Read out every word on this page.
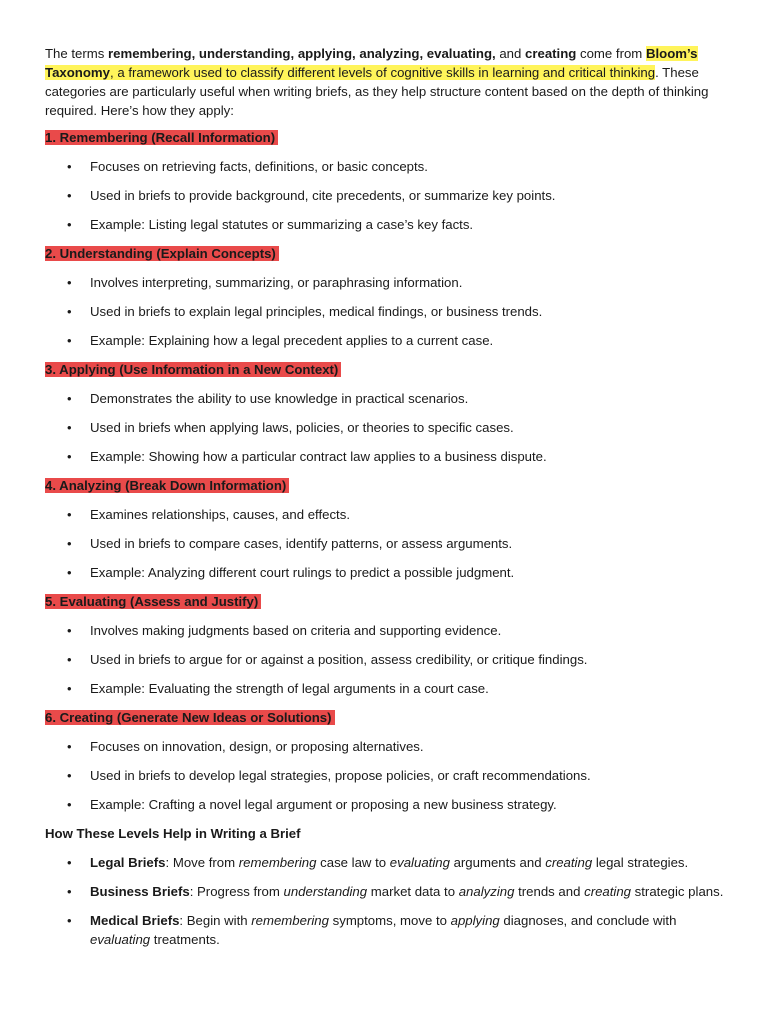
The terms remembering, understanding, applying, analyzing, evaluating, and creating come from Bloom’s Taxonomy, a framework used to classify different levels of cognitive skills in learning and critical thinking. These categories are particularly useful when writing briefs, as they help structure content based on the depth of thinking required. Here’s how they apply:

1. Remembering (Recall Information)

• Focuses on retrieving facts, definitions, or basic concepts.
• Used in briefs to provide background, cite precedents, or summarize key points.
• Example: Listing legal statutes or summarizing a case’s key facts.

2. Understanding (Explain Concepts)

• Involves interpreting, summarizing, or paraphrasing information.
• Used in briefs to explain legal principles, medical findings, or business trends.
• Example: Explaining how a legal precedent applies to a current case.

3. Applying (Use Information in a New Context)

• Demonstrates the ability to use knowledge in practical scenarios.
• Used in briefs when applying laws, policies, or theories to specific cases.
• Example: Showing how a particular contract law applies to a business dispute.

4. Analyzing (Break Down Information)

• Examines relationships, causes, and effects.
• Used in briefs to compare cases, identify patterns, or assess arguments.
• Example: Analyzing different court rulings to predict a possible judgment.

5. Evaluating (Assess and Justify)

• Involves making judgments based on criteria and supporting evidence.
• Used in briefs to argue for or against a position, assess credibility, or critique findings.
• Example: Evaluating the strength of legal arguments in a court case.

6. Creating (Generate New Ideas or Solutions)

• Focuses on innovation, design, or proposing alternatives.
• Used in briefs to develop legal strategies, propose policies, or craft recommendations.
• Example: Crafting a novel legal argument or proposing a new business strategy.

How These Levels Help in Writing a Brief

• Legal Briefs: Move from remembering case law to evaluating arguments and creating legal strategies.
• Business Briefs: Progress from understanding market data to analyzing trends and creating strategic plans.
• Medical Briefs: Begin with remembering symptoms, move to applying diagnoses, and conclude with evaluating treatments.
